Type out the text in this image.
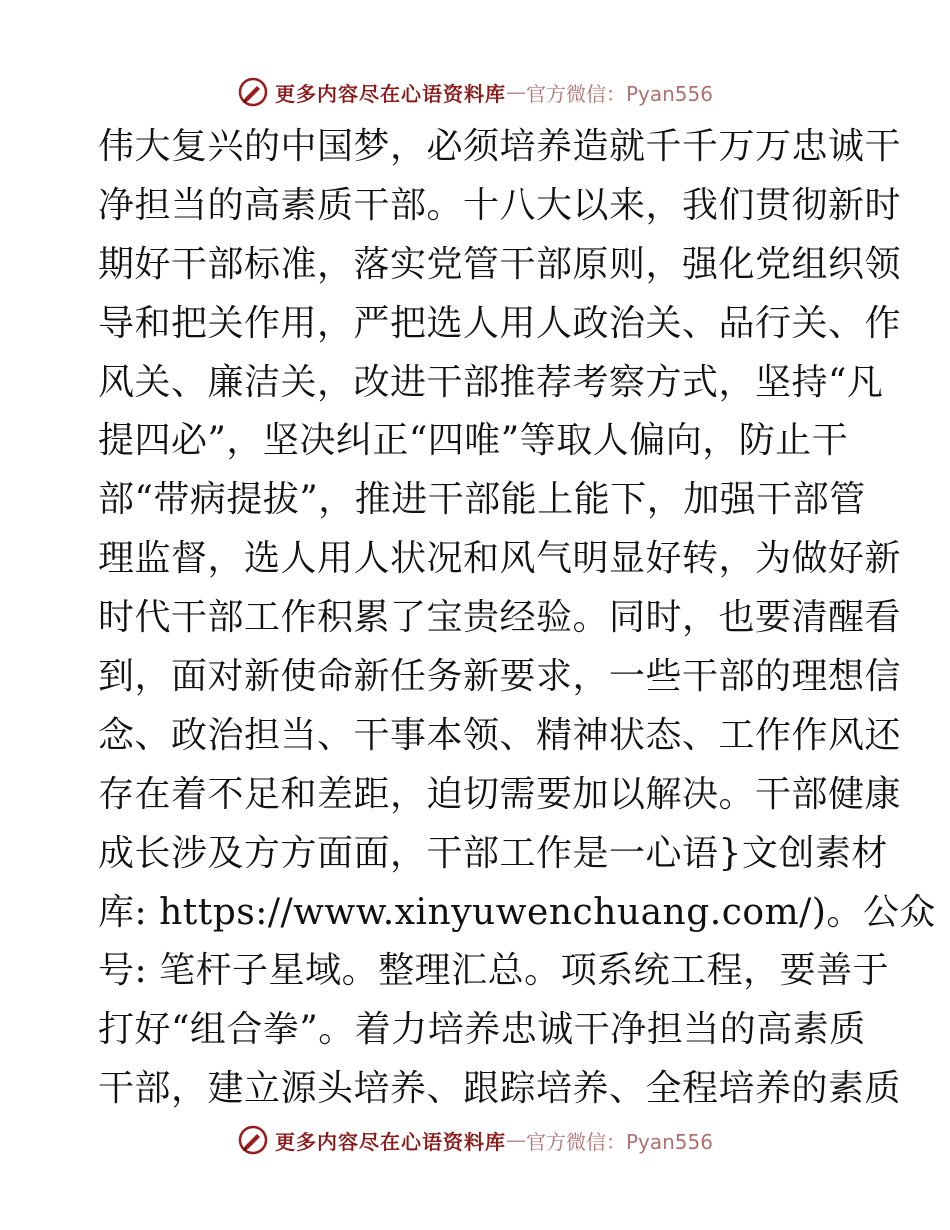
更多内容尽在心语资料库 — 官方微信：Pyan556
伟大复兴的中国梦，必须培养造就千千万万忠诚干
净担当的高素质干部。十八大以来，我们贯彻新时
期好干部标准，落实党管干部原则，强化党组织领
导和把关作用，严把选人用人政治关、品行关、作
风关、廉洁关，改进干部推荐考察方式，坚持“凡
提四必”，坚决纠正“四唯”等取人偏向，防止干
部“带病提拔”，推进干部能上能下，加强干部管
理监督，选人用人状况和风气明显好转，为做好新
时代干部工作积累了宝贵经验。同时，也要清醒看
到，面对新使命新任务新要求，一些干部的理想信
念、政治担当、干事本领、精神状态、工作作风还
存在着不足和差距，迫切需要加以解决。干部健康
成长涉及方方面面，干部工作是一心语}文创素材
库: https://www.xinyuwenchuang.com/)。公众
号: 笔杆子星域。整理汇总。项系统工程，要善于
打好“组合拳”。着力培养忠诚干净担当的高素质
干部，建立源头培养、跟踪培养、全程培养的素质
更多内容尽在心语资料库 — 官方微信：Pyan556
